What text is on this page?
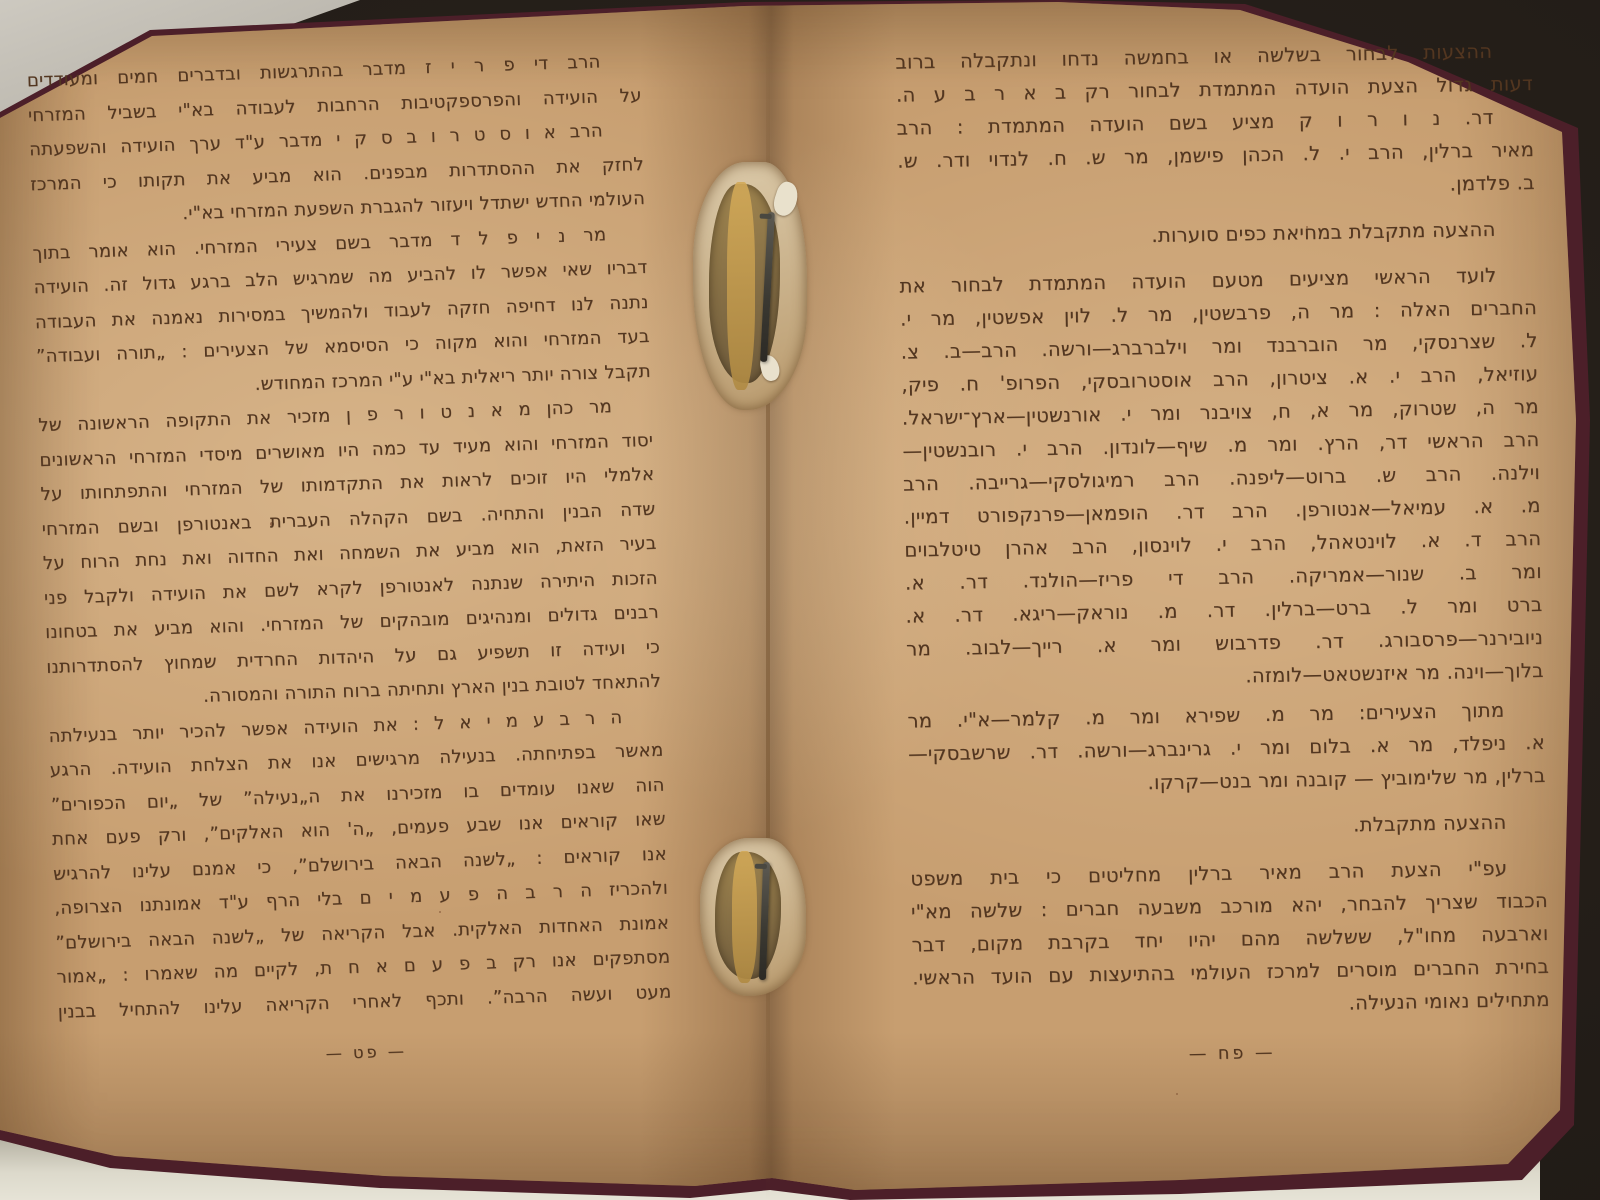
הרב די פ ר י ז מדבר בהתרגשות ובדברים חמים ומעודדים
על הועידה והפרספקטיבות הרחבות לעבודה בא"י בשביל המזרחי
הרב א ו ס ט ר ו ב ס ק י מדבר ע"ד ערך הועידה והשפעתה
לחזק את ההסתדרות מבפנים. הוא מביע את תקותו כי המרכז
העולמי החדש ישתדל ויעזור להגברת השפעת המזרחי בא"י.
מר נ י פ ל ד מדבר בשם צעירי המזרחי. הוא אומר בתוך
דבריו שאי אפשר לו להביע מה שמרגיש הלב ברגע גדול זה. הועידה
נתנה לנו דחיפה חזקה לעבוד ולהמשיך במסירות נאמנה את העבודה
בעד המזרחי והוא מקוה כי הסיסמא של הצעירים : „תורה ועבודה”
תקבל צורה יותר ריאלית בא"י ע"י המרכז המחודש.
מר כהן מ א נ ט ו ר פ ן מזכיר את התקופה הראשונה של
יסוד המזרחי והוא מעיד עד כמה היו מאושרים מיסדי המזרחי הראשונים
אלמלי היו זוכים לראות את התקדמותו של המזרחי והתפתחותו על
שדה הבנין והתחיה. בשם הקהלה העברית באנטורפן ובשם המזרחי
בעיר הזאת, הוא מביע את השמחה ואת החדוה ואת נחת הרוח על
הזכות היתירה שנתנה לאנטורפן לקרא לשם את הועידה ולקבל פני
רבנים גדולים ומנהיגים מובהקים של המזרחי. והוא מביע את בטחונו
כי ועידה זו תשפיע גם על היהדות החרדית שמחוץ להסתדרותנו
להתאחד לטובת בנין הארץ ותחיתה ברוח התורה והמסורה.
ה ר ב ע מ י א ל : את הועידה אפשר להכיר יותר בנעילתה
מאשר בפתיחתה. בנעילה מרגישים אנו את הצלחת הועידה. הרגע
הוה שאנו עומדים בו מזכירנו את ה„נעילה” של „יום הכפורים”
שאו קוראים אנו שבע פעמים, „ה' הוא האלקים”, ורק פעם אחת
אנו קוראים : „לשנה הבאה בירושלם”, כי אמנם עלינו להרגיש
ולהכריז ה ר ב ה פ ע מ י ם בלי הרף ע"ד אמונתנו הצרופה,
אמונת האחדות האלקית. אבל הקריאה של „לשנה הבאה בירושלם”
מסתפקים אנו רק ב פ ע ם א ח ת, לקיים מה שאמרו : „אמור
מעט ועשה הרבה”. ותכף לאחרי הקריאה עלינו להתחיל בבנין
— פט —
ההצעות לבחור בשלשה או בחמשה נדחו ונתקבלה ברוב
דעות גדול הצעת הועדה המתמדת לבחור רק ב א ר ב ע ה.
דר. נ ו ר ו ק מציע בשם הועדה המתמדת : הרב
מאיר ברלין, הרב י. ל. הכהן פישמן, מר ש. ח. לנדוי ודר. ש.
ב. פלדמן.
ההצעה מתקבלת במחיאת כפים סוערות.
לועד הראשי מציעים מטעם הועדה המתמדת לבחור את
החברים האלה : מר ה, פרבשטין, מר ל. לוין אפשטין, מר י.
ל. שצרנסקי, מר הוברבנד ומר וילברברג—ורשה. הרב—ב. צ.
עוזיאל, הרב י. א. ציטרון, הרב אוסטרובסקי, הפרופ' ח. פיק,
מר ה, שטרוק, מר א, ח, צויבנר ומר י. אורנשטין—ארץ־ישראל.
הרב הראשי דר, הרץ. ומר מ. שיף—לונדון. הרב י. רובנשטין—
וילנה. הרב ש. ברוט—ליפנה. הרב רמיגולסקי—גרייבה. הרב
מ. א. עמיאל—אנטורפן. הרב דר. הופמאן—פרנקפורט דמיין.
הרב ד. א. לוינטאהל, הרב י. לוינסון, הרב אהרן טיטלבוים
ומר ב. שנור—אמריקה. הרב די פריז—הולנד. דר. א.
ברט ומר ל. ברט—ברלין. דר. מ. נוראק—ריגא. דר. א.
ניובירנר—פרסבורג. דר. פדרבוש ומר א. רייך—לבוב. מר
בלוך—וינה. מר איזנשטאט—לומזה.
מתוך הצעירים: מר מ. שפירא ומר מ. קלמר—א"י. מר
א. ניפלד, מר א. בלום ומר י. גרינברג—ורשה. דר. שרשבסקי—
ברלין, מר שלימוביץ — קובנה ומר בנט—קרקו.
ההצעה מתקבלת.
עפ"י הצעת הרב מאיר ברלין מחליטים כי בית משפט
הכבוד שצריך להבחר, יהא מורכב משבעה חברים : שלשה מא"י
וארבעה מחו"ל, ששלשה מהם יהיו יחד בקרבת מקום, דבר
בחירת החברים מוסרים למרכז העולמי בהתיעצות עם הועד הראשי.
מתחילים נאומי הנעילה.
— פח —
